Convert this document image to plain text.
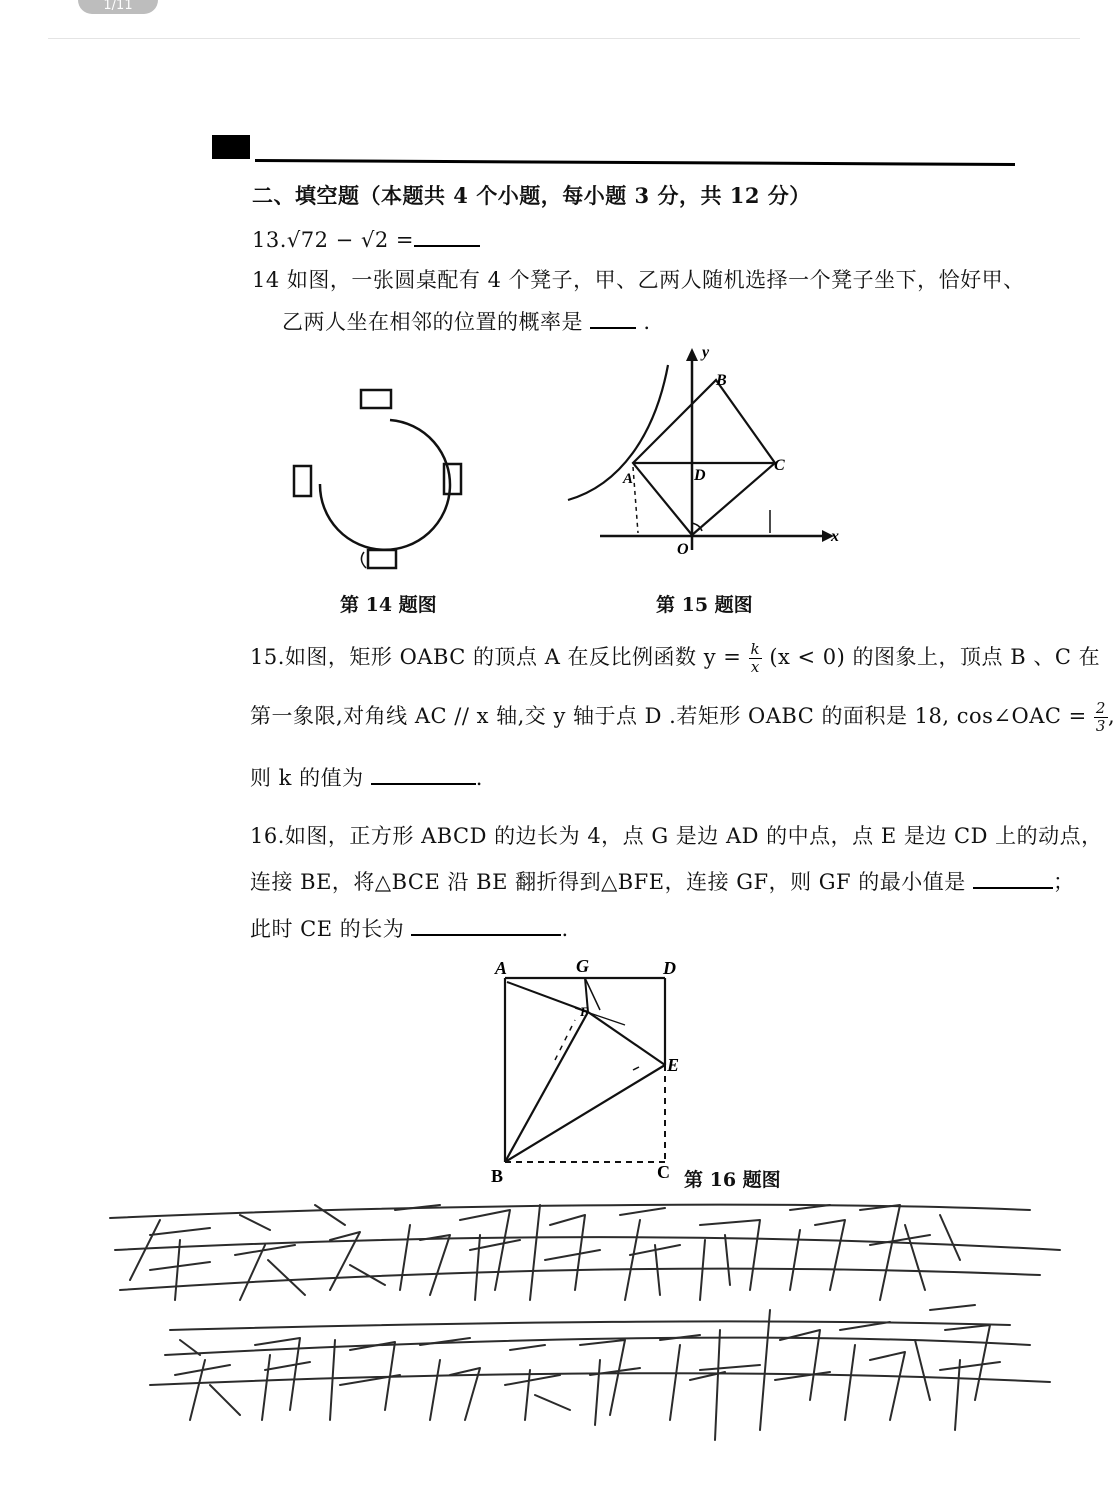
1/11
二、填空题（本题共 4 个小题，每小题 3 分，共 12 分）
13.√72 − √2 =
14 如图，一张圆桌配有 4 个凳子，甲、乙两人随机选择一个凳子坐下，恰好甲、
乙两人坐在相邻的位置的概率是	.
第 14 题图
y
B
A	D
C
O
x
第 15 题图
15.如图，矩形 OABC 的顶点 A 在反比例函数 $y = \frac{k}{x} (x < 0)$ 的图象上，顶点 B 、C 在
第一象限,对角线 AC // x 轴,交 y 轴于点 D .若矩形 OABC 的面积是 18, cos∠OAC = $\frac{2}{3}$ ,
则 k 的值为	.
16.如图，正方形 ABCD 的边长为 4，点 G 是边 AD 的中点，点 E 是边 CD 上的动点，
连接 BE，将△BCE 沿 BE 翻折得到△BFE，连接 GF，则 GF 的最小值是	；
此时 CE 的长为	.
A	G	D
F
E
B	C 第 16 题图
